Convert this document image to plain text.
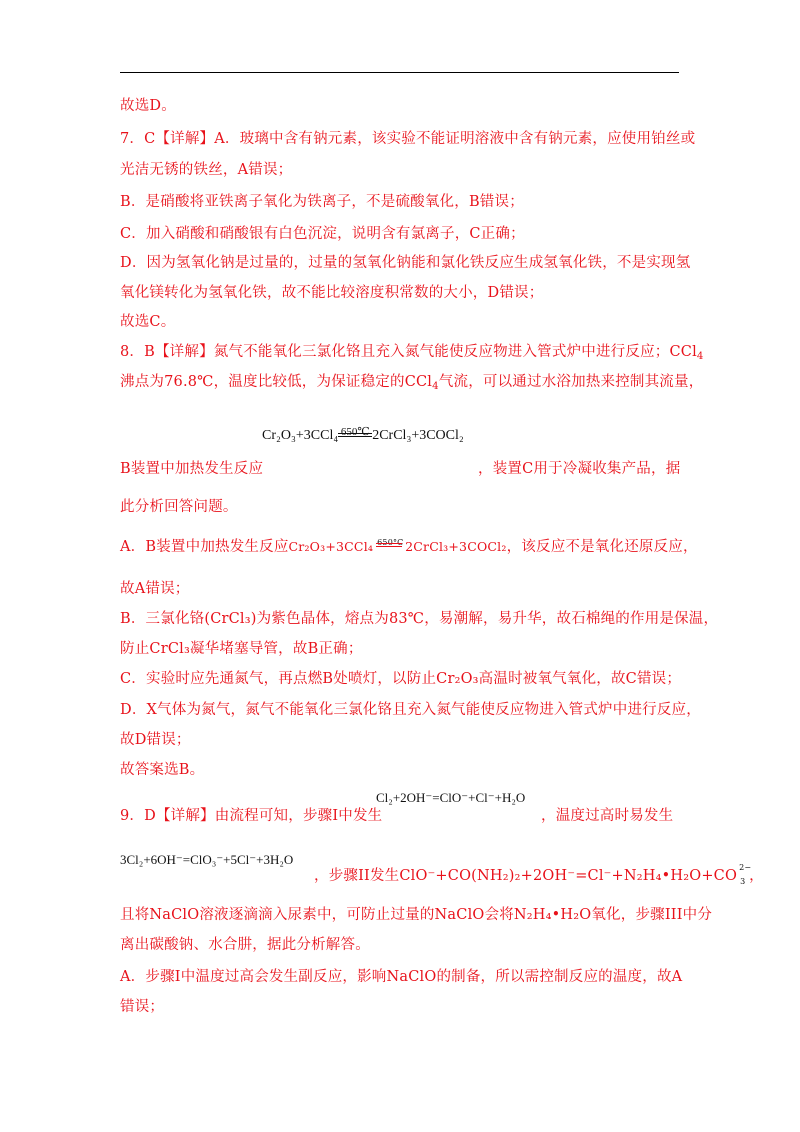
故选D。
7．C【详解】A．玻璃中含有钠元素，该实验不能证明溶液中含有钠元素，应使用铂丝或
光洁无锈的铁丝，A错误；
B．是硝酸将亚铁离子氧化为铁离子，不是硫酸氧化，B错误；
C．加入硝酸和硝酸银有白色沉淀，说明含有氯离子，C正确；
D．因为氢氧化钠是过量的，过量的氢氧化钠能和氯化铁反应生成氢氧化铁，不是实现氢
氧化镁转化为氢氧化铁，故不能比较溶度积常数的大小，D错误；
故选C。
8．B【详解】氮气不能氧化三氯化铬且充入氮气能使反应物进入管式炉中进行反应；CCl$_4$
沸点为76.8℃，温度比较低，为保证稳定的CCl$_4$气流，可以通过水浴加热来控制其流量，
Cr₂O₃+3CCl₄ 650℃ 2CrCl₃+3COCl₂
B装置中加热发生反应	，装置C用于冷凝收集产品，据
此分析回答问题。
A．B装置中加热发生反应Cr₂O₃+3CCl₄ 650°C 2CrCl₃+3COCl₂，该反应不是氧化还原反应，
故A错误；
B．三氯化铬(CrCl₃)为紫色晶体，熔点为83℃，易潮解，易升华，故石棉绳的作用是保温，
防止CrCl₃凝华堵塞导管，故B正确；
C．实验时应先通氮气，再点燃B处喷灯，以防止Cr₂O₃高温时被氧气氧化，故C错误；
D．X气体为氮气，氮气不能氧化三氯化铬且充入氮气能使反应物进入管式炉中进行反应，
故D错误；
故答案选B。
Cl₂+2OH⁻=ClO⁻+Cl⁻+H₂O
9．D【详解】由流程可知，步骤I中发生	，温度过高时易发生
3Cl₂+6OH⁻=ClO₃⁻+5Cl⁻+3H₂O
，步骤II发生ClO⁻+CO(NH₂)₂+2OH⁻=Cl⁻+N₂H₄•H₂O+CO
2−
3 ，
且将NaClO溶液逐滴滴入尿素中，可防止过量的NaClO会将N₂H₄•H₂O氧化，步骤III中分
离出碳酸钠、水合肼，据此分析解答。
A．步骤I中温度过高会发生副反应，影响NaClO的制备，所以需控制反应的温度，故A
错误；
